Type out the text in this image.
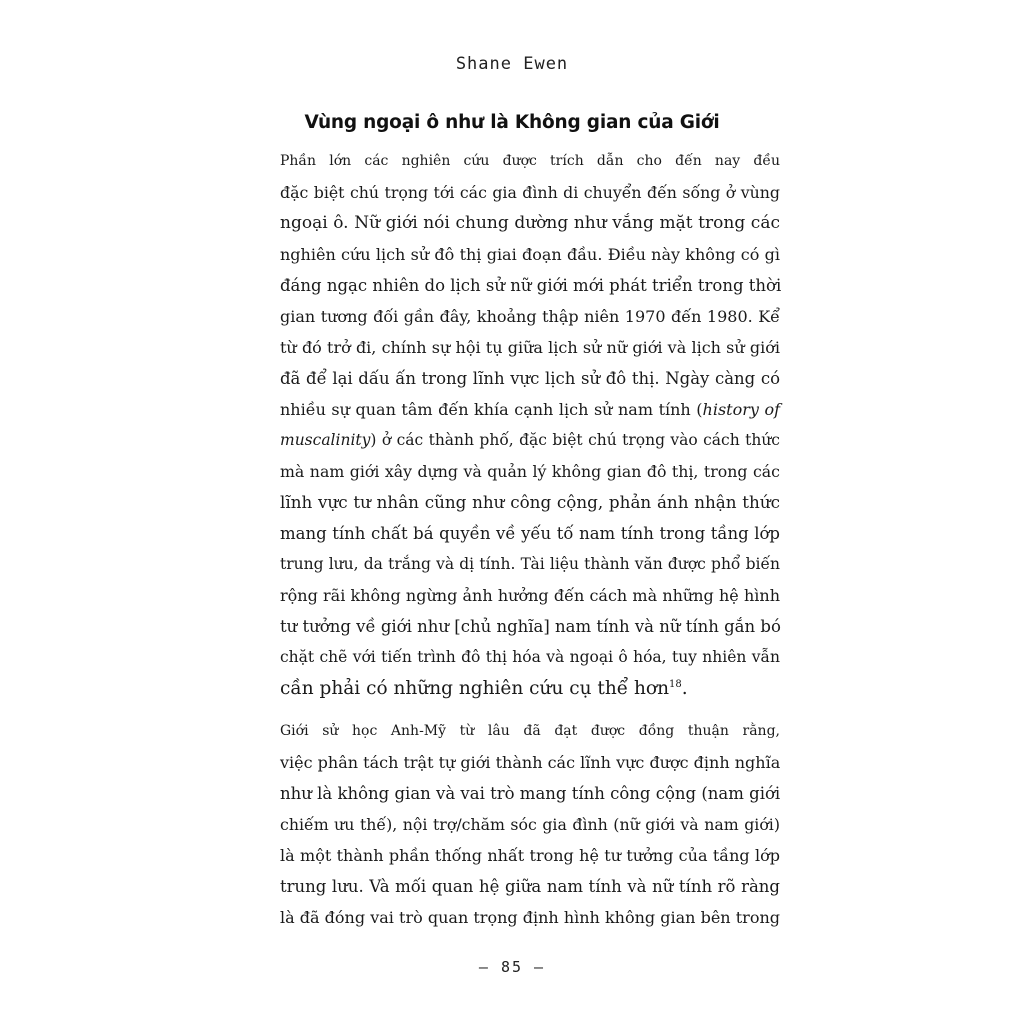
Shane Ewen
Vùng ngoại ô như là Không gian của Giới

Phần lớn các nghiên cứu được trích dẫn cho đến nay đều
đặc biệt chú trọng tới các gia đình di chuyển đến sống ở vùng
ngoại ô. Nữ giới nói chung dường như vắng mặt trong các
nghiên cứu lịch sử đô thị giai đoạn đầu. Điều này không có gì
đáng ngạc nhiên do lịch sử nữ giới mới phát triển trong thời
gian tương đối gần đây, khoảng thập niên 1970 đến 1980. Kể
từ đó trở đi, chính sự hội tụ giữa lịch sử nữ giới và lịch sử giới
đã để lại dấu ấn trong lĩnh vực lịch sử đô thị. Ngày càng có
nhiều sự quan tâm đến khía cạnh lịch sử nam tính (history of
muscalinity) ở các thành phố, đặc biệt chú trọng vào cách thức
mà nam giới xây dựng và quản lý không gian đô thị, trong các
lĩnh vực tư nhân cũng như công cộng, phản ánh nhận thức
mang tính chất bá quyền về yếu tố nam tính trong tầng lớp
trung lưu, da trắng và dị tính. Tài liệu thành văn được phổ biến
rộng rãi không ngừng ảnh hưởng đến cách mà những hệ hình
tư tưởng về giới như [chủ nghĩa] nam tính và nữ tính gắn bó
chặt chẽ với tiến trình đô thị hóa và ngoại ô hóa, tuy nhiên vẫn
cần phải có những nghiên cứu cụ thể hơn$^{18}$.

Giới sử học Anh-Mỹ từ lâu đã đạt được đồng thuận rằng,
việc phân tách trật tự giới thành các lĩnh vực được định nghĩa
như là không gian và vai trò mang tính công cộng (nam giới
chiếm ưu thế), nội trợ/chăm sóc gia đình (nữ giới và nam giới)
là một thành phần thống nhất trong hệ tư tưởng của tầng lớp
trung lưu. Và mối quan hệ giữa nam tính và nữ tính rõ ràng
là đã đóng vai trò quan trọng định hình không gian bên trong

– 85 –
